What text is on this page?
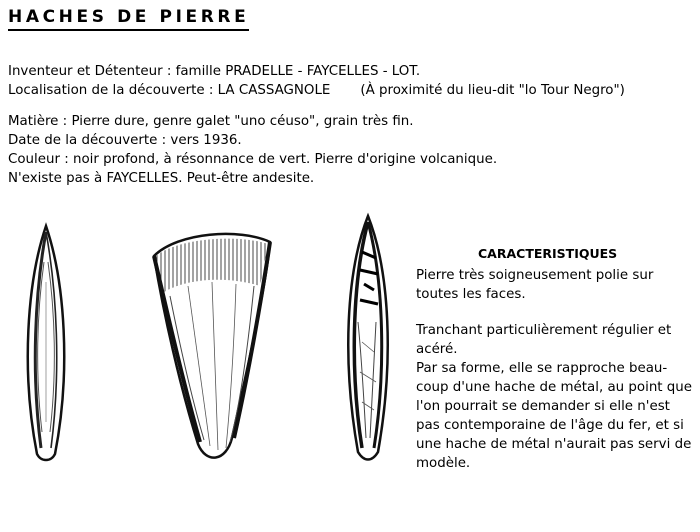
HACHES DE PIERRE
Inventeur et Détenteur : famille PRADELLE - FAYCELLES - LOT.
Localisation de la découverte : LA CASSAGNOLE (À proximité du lieu-dit "lo Tour Negro")
Matière : Pierre dure, genre galet "uno céuso", grain très fin.
Date de la découverte : vers 1936.
Couleur : noir profond, à résonnance de vert. Pierre d'origine volcanique.
N'existe pas à FAYCELLES. Peut-être andesite.
CARACTERISTIQUES
Pierre très soigneusement polie sur
toutes les faces.
Tranchant particulièrement régulier et
acéré.
Par sa forme, elle se rapproche beau-
coup d'une hache de métal, au point que
l'on pourrait se demander si elle n'est
pas contemporaine de l'âge du fer, et si
une hache de métal n'aurait pas servi de
modèle.
